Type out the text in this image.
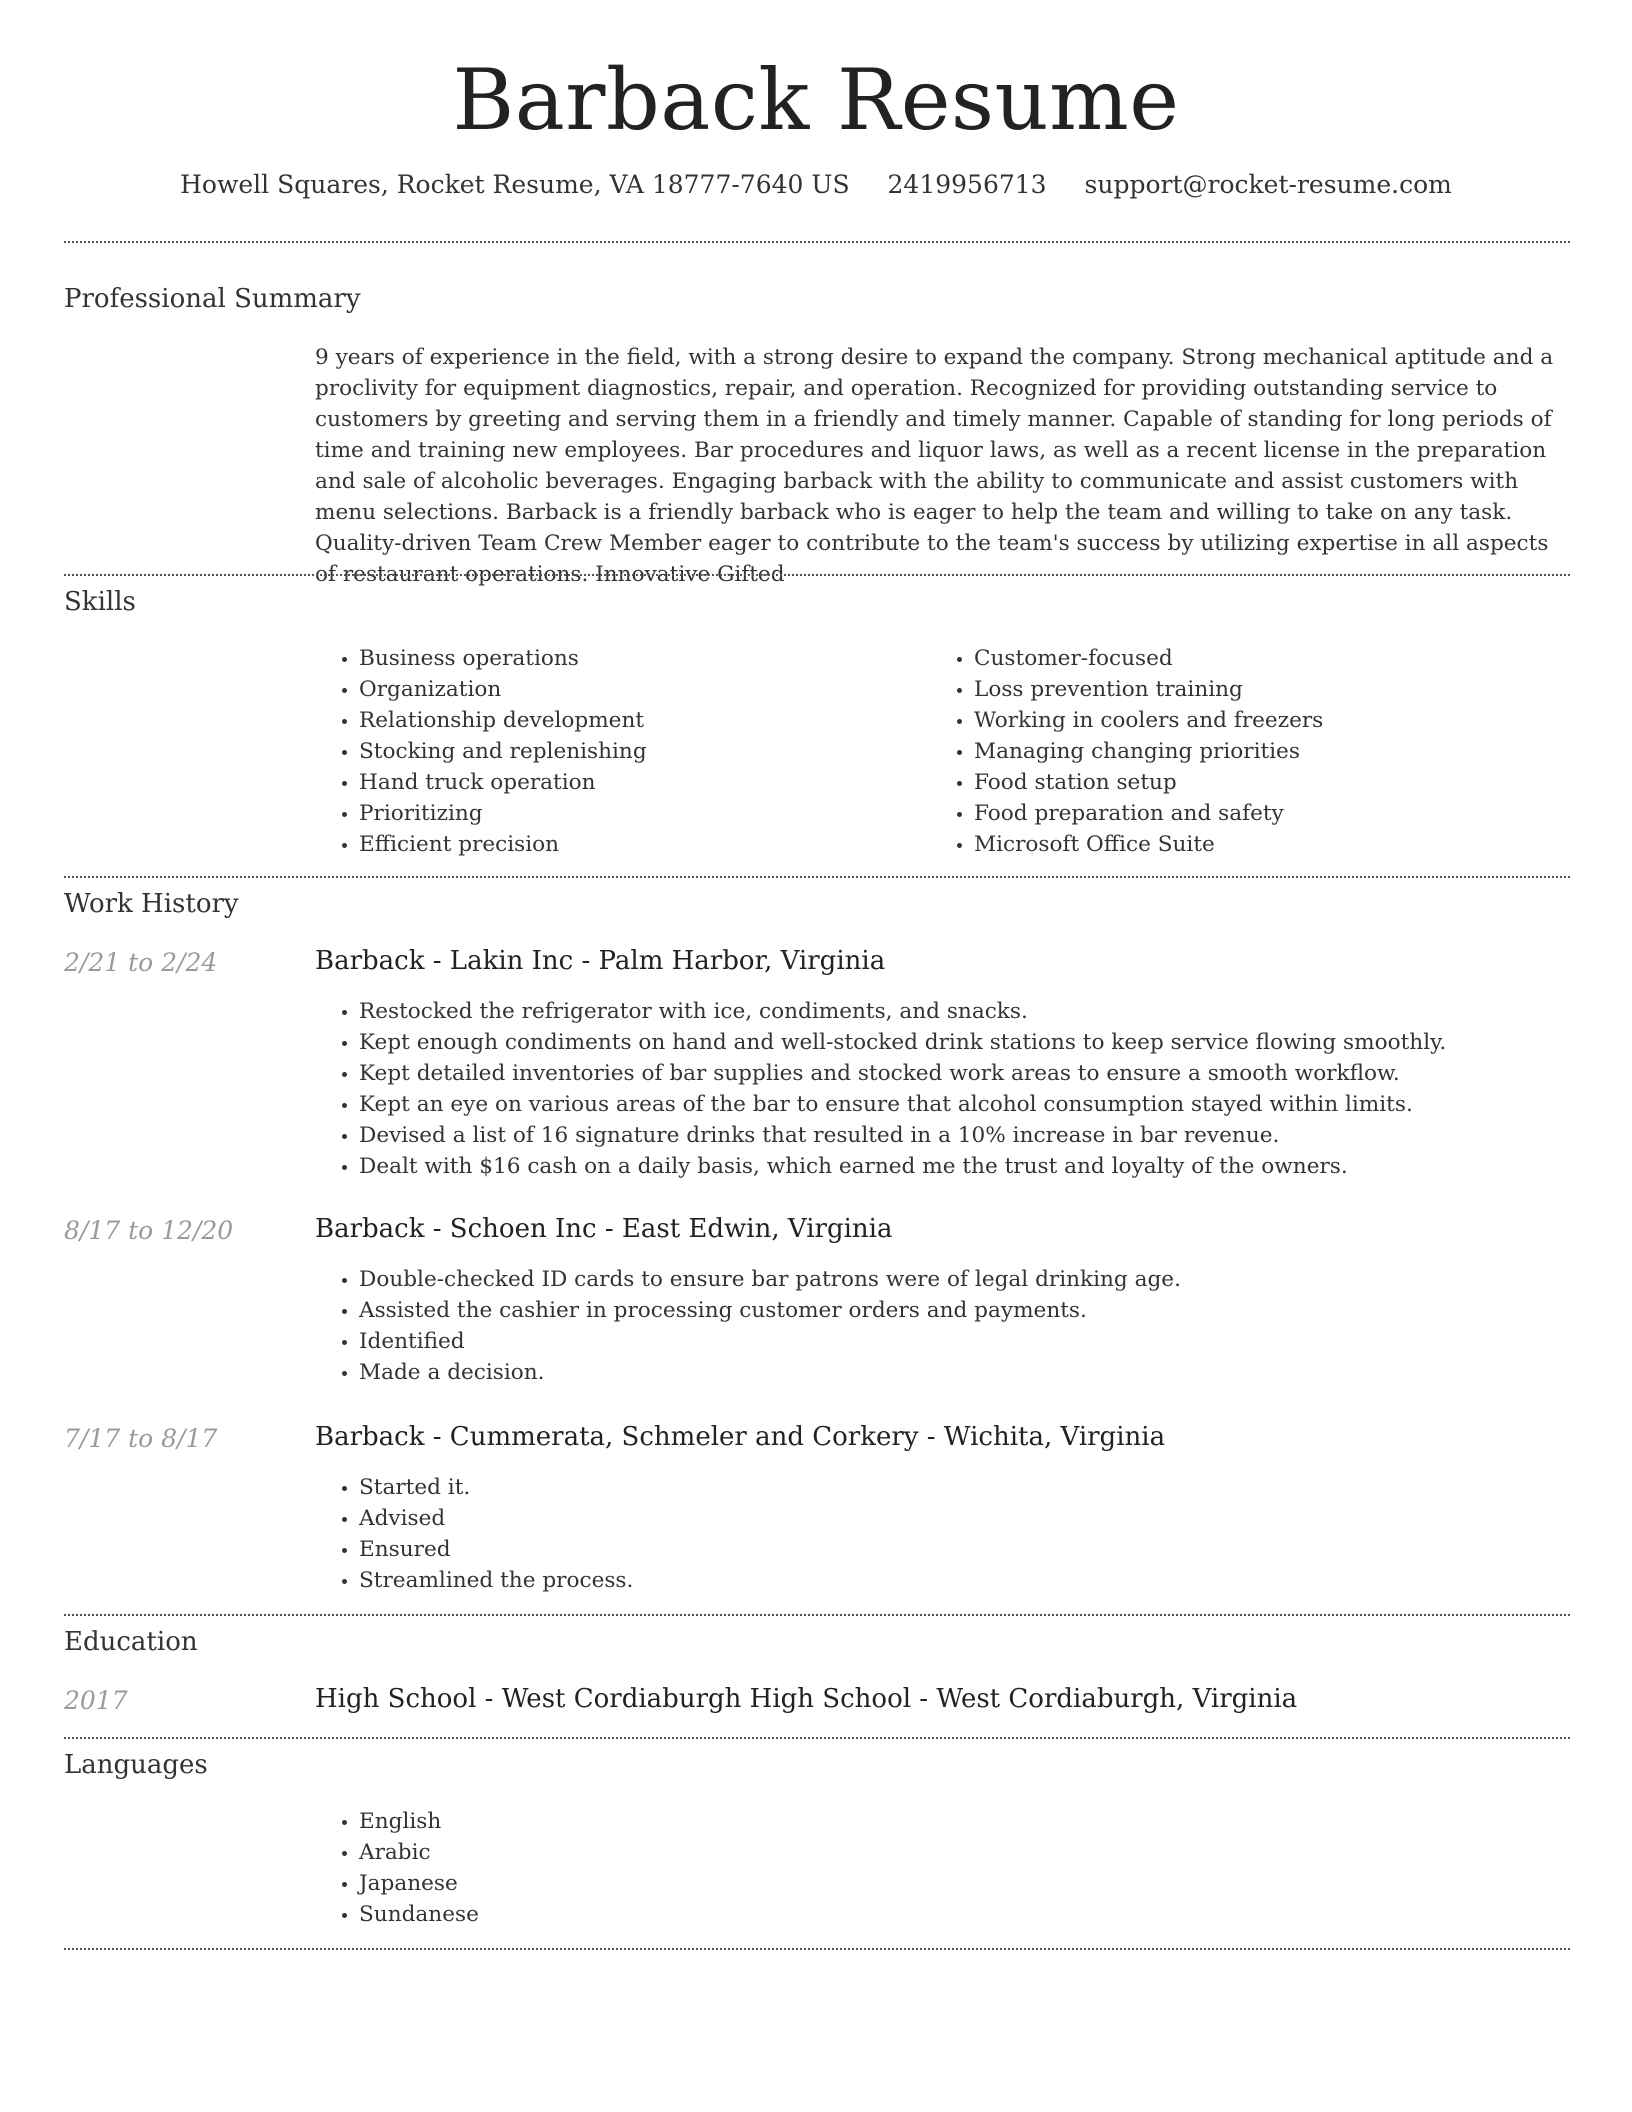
Barback Resume
Howell Squares, Rocket Resume, VA 18777-7640 US 2419956713 support@rocket-resume.com
Professional Summary

9 years of experience in the field, with a strong desire to expand the company. Strong mechanical aptitude and a proclivity for equipment diagnostics, repair, and operation. Recognized for providing outstanding service to customers by greeting and serving them in a friendly and timely manner. Capable of standing for long periods of time and training new employees. Bar procedures and liquor laws, as well as a recent license in the preparation and sale of alcoholic beverages. Engaging barback with the ability to communicate and assist customers with menu selections. Barback is a friendly barback who is eager to help the team and willing to take on any task. Quality-driven Team Crew Member eager to contribute to the team's success by utilizing expertise in all aspects of restaurant operations. Innovative Gifted

Skills
• Business operations
• Organization
• Relationship development
• Stocking and replenishing
• Hand truck operation
• Prioritizing
• Efficient precision
• Customer-focused
• Loss prevention training
• Working in coolers and freezers
• Managing changing priorities
• Food station setup
• Food preparation and safety
• Microsoft Office Suite
Work History
2/21 to 2/24	Barback - Lakin Inc - Palm Harbor, Virginia
• Restocked the refrigerator with ice, condiments, and snacks.
• Kept enough condiments on hand and well-stocked drink stations to keep service flowing smoothly.
• Kept detailed inventories of bar supplies and stocked work areas to ensure a smooth workflow.
• Kept an eye on various areas of the bar to ensure that alcohol consumption stayed within limits.
• Devised a list of 16 signature drinks that resulted in a 10% increase in bar revenue.
• Dealt with $16 cash on a daily basis, which earned me the trust and loyalty of the owners.
8/17 to 12/20	Barback - Schoen Inc - East Edwin, Virginia
• Double-checked ID cards to ensure bar patrons were of legal drinking age.
• Assisted the cashier in processing customer orders and payments.
• Identified
• Made a decision.
7/17 to 8/17	Barback - Cummerata, Schmeler and Corkery - Wichita, Virginia
• Started it.
• Advised
• Ensured
• Streamlined the process.
Education
2017	High School - West Cordiaburgh High School - West Cordiaburgh, Virginia
Languages
• English
• Arabic
• Japanese
• Sundanese
